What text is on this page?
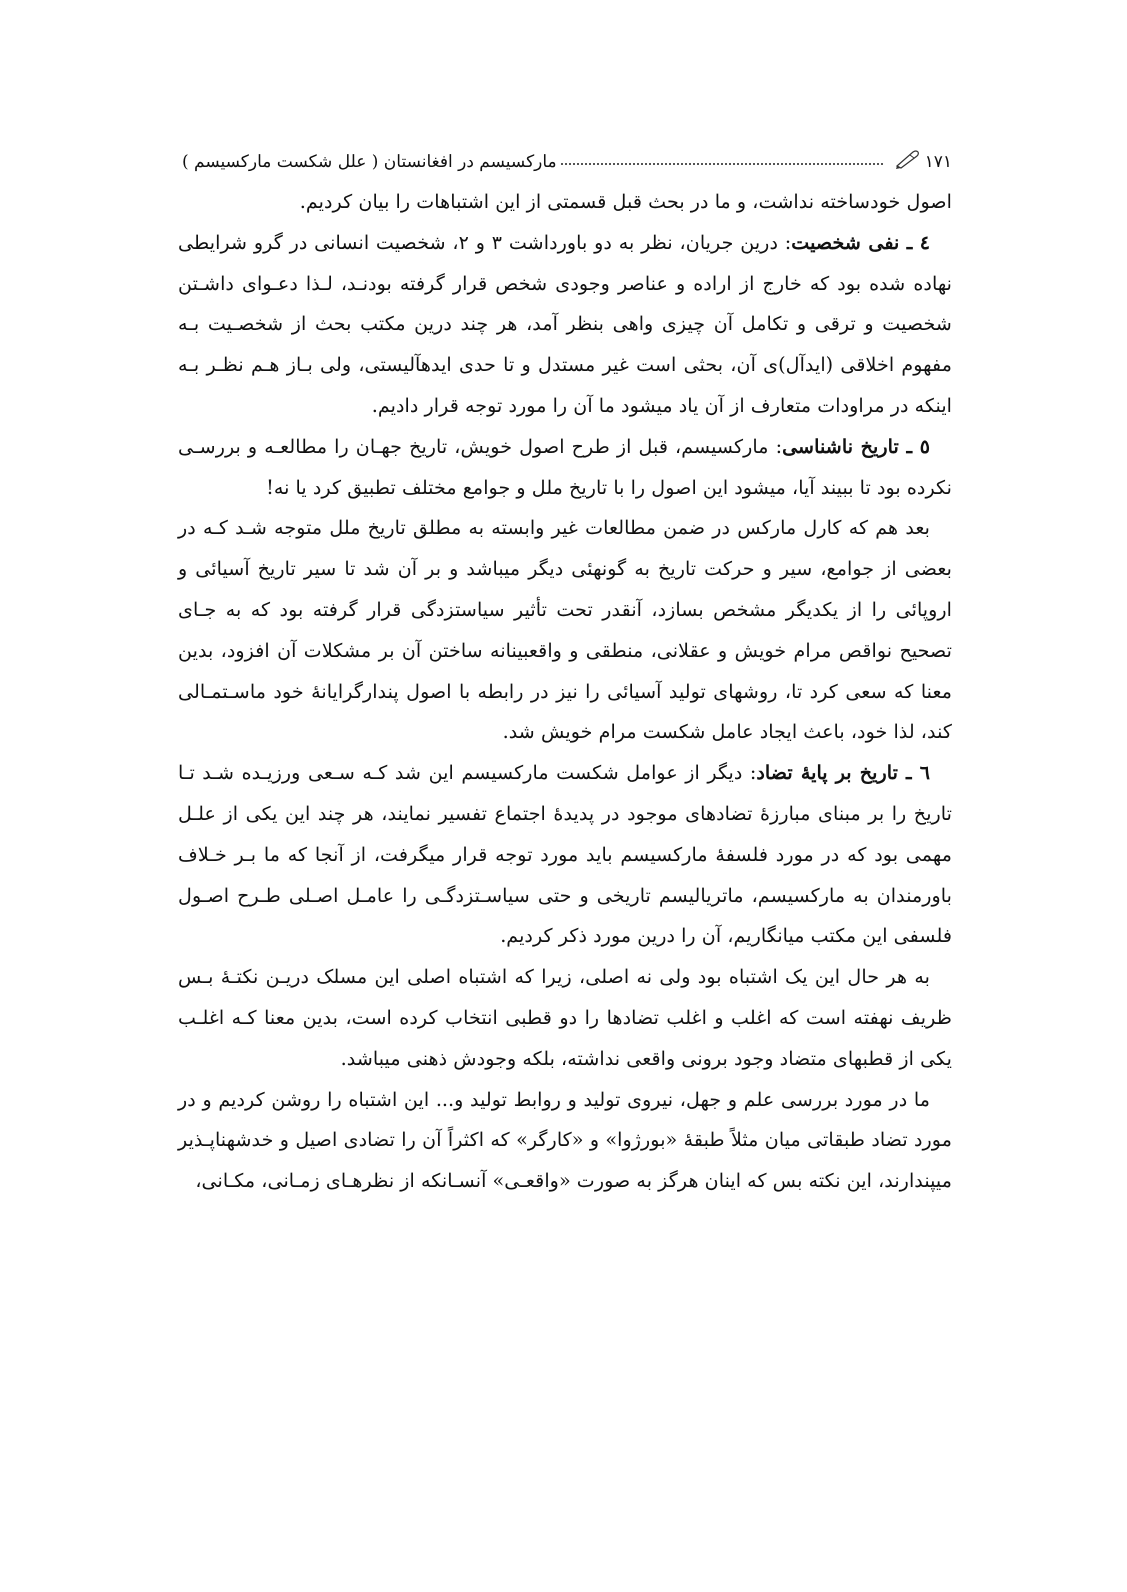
مارکسیسم در افغانستان ( علل شکست مارکسیسم )	١٧١

اصول خودساخته نداشت، و ما در بحث قبل قسمتی از این اشتباهات را بیان کردیم.

٤ ـ نفی شخصیت: درین جریان، نظر به دو باورداشت ٣ و ٢، شخصیت انسانی در گرو شرایطی نهاده شده بود که خارج از اراده و عناصر وجودی شخص قرار گرفته بودنـد، لـذا دعـوای داشـتن شخصیت و ترقی و تکامل آن چیزی واهی بنظر آمد، هر چند درین مکتب بحث از شخصـیت بـه مفهوم اخلاقی (ایدآل)ی آن، بحثی است غیر مستدل و تا حدی ایدهآلیستی، ولی بـاز هـم نظـر بـه اینکه در مراودات متعارف از آن یاد میشود ما آن را مورد توجه قرار دادیم.

٥ ـ تاریخ ناشناسی: مارکسیسم، قبل از طرح اصول خویش، تاریخ جهـان را مطالعـه و بررسـی نکرده بود تا ببیند آیا، میشود این اصول را با تاریخ ملل و جوامع مختلف تطبیق کرد یا نه!

بعد هم که کارل مارکس در ضمن مطالعات غیر وابسته به مطلق تاریخ ملل متوجه شـد کـه در بعضی از جوامع، سیر و حرکت تاریخ به گونهئی دیگر میباشد و بر آن شد تا سیر تاریخ آسیائی و اروپائی را از یکدیگر مشخص بسازد، آنقدر تحت تأثیر سیاستزدگی قرار گرفته بود که به جـای تصحیح نواقص مرام خویش و عقلانی، منطقی و واقعبینانه ساختن آن بر مشکلات آن افزود، بدین معنا که سعی کرد تا، روشهای تولید آسیائی را نیز در رابطه با اصول پندارگرایانهٔ خود ماسـتمـالی کند، لذا خود، باعث ایجاد عامل شکست مرام خویش شد.

٦ ـ تاریخ بر پایهٔ تضاد: دیگر از عوامل شکست مارکسیسم این شد کـه سـعی ورزیـده شـد تـا تاریخ را بر مبنای مبارزهٔ تضادهای موجود در پدیدهٔ اجتماع تفسیر نمایند، هر چند این یکی از علـل مهمی بود که در مورد فلسفهٔ مارکسیسم باید مورد توجه قرار میگرفت، از آنجا که ما بـر خـلاف باورمندان به مارکسیسم، ماتریالیسم تاریخی و حتی سیاسـتزدگـی را عامـل اصـلی طـرح اصـول فلسفی این مکتب میانگاریم، آن را درین مورد ذکر کردیم.

به هر حال این یک اشتباه بود ولی نه اصلی، زیرا که اشتباه اصلی این مسلک دریـن نکتـهٔ بـس ظریف نهفته است که اغلب و اغلب تضادها را دو قطبی انتخاب کرده است، بدین معنا کـه اغلـب یکی از قطبهای متضاد وجود برونی واقعی نداشته، بلکه وجودش ذهنی میباشد.

ما در مورد بررسی علم و جهل، نیروی تولید و روابط تولید و... این اشتباه را روشن کردیم و در مورد تضاد طبقاتی میان مثلاً طبقهٔ «بورژوا» و «کارگر» که اکثراً آن را تضادی اصیل و خدشهناپـذیر میپندارند، این نکته بس که اینان هرگز به صورت «واقعـی» آنسـانکه از نظرهـای زمـانی، مکـانی،
